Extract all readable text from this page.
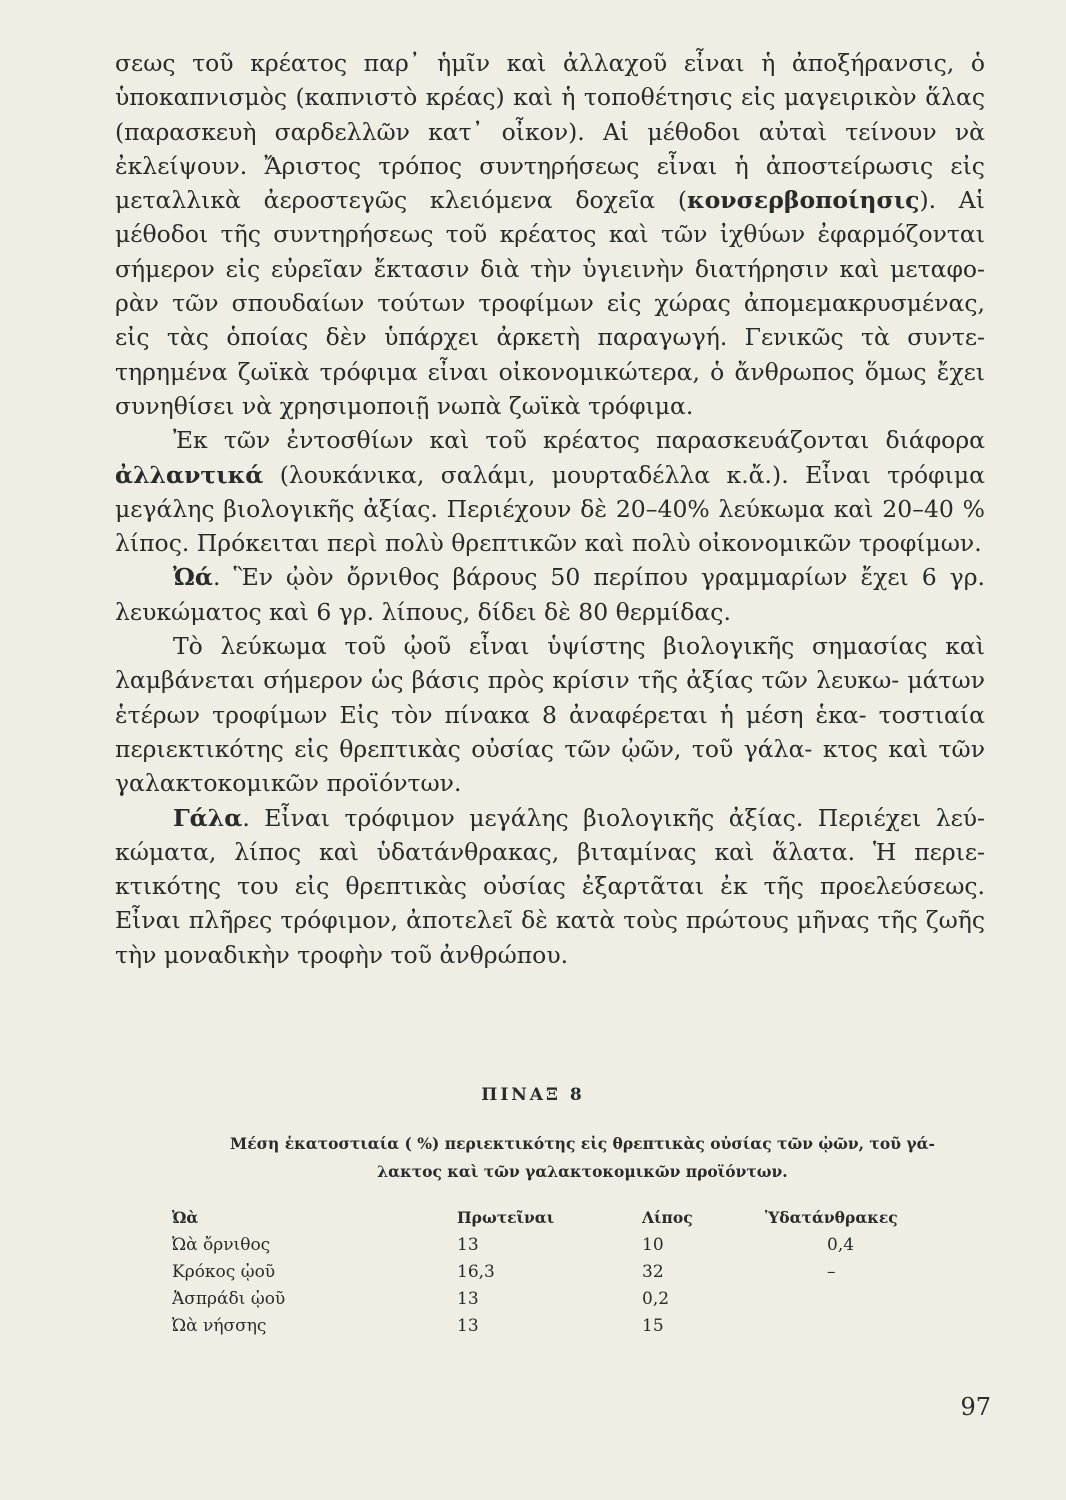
σεως τοῦ κρέατος παρ᾽ ἡμῖν καὶ ἀλλαχοῦ εἶναι ἡ ἀποξήρανσις, ὁ ὑποκαπνισμὸς (καπνιστὸ κρέας) καὶ ἡ τοποθέτησις εἰς μαγειρικὸν ἅλας (παρασκευὴ σαρδελλῶν κατ᾽ οἶκον). Αἱ μέθοδοι αὐταὶ τείνουν νὰ ἐκλείψουν. Ἄριστος τρόπος συντηρήσεως εἶναι ἡ ἀποστείρωσις εἰς μεταλλικὰ ἀεροστεγῶς κλειόμενα δοχεῖα (κονσερβοποίησις). Αἱ μέθοδοι τῆς συντηρήσεως τοῦ κρέατος καὶ τῶν ἰχθύων ἐφαρμόζονται σήμερον εἰς εὐρεῖαν ἔκτασιν διὰ τὴν ὑγιεινὴν διατήρησιν καὶ μεταφο- ρὰν τῶν σπουδαίων τούτων τροφίμων εἰς χώρας ἀπομεμακρυσμένας, εἰς τὰς ὁποίας δὲν ὑπάρχει ἀρκετὴ παραγωγή. Γενικῶς τὰ συντε- τηρημένα ζωϊκὰ τρόφιμα εἶναι οἰκονομικώτερα, ὁ ἄνθρωπος ὅμως ἔχει συνηθίσει νὰ χρησιμοποιῇ νωπὰ ζωϊκὰ τρόφιμα.

Ἐκ τῶν ἐντοσθίων καὶ τοῦ κρέατος παρασκευάζονται διάφορα ἀλλαντικά (λουκάνικα, σαλάμι, μουρταδέλλα κ.ἄ.). Εἶναι τρόφιμα μεγάλης βιολογικῆς ἀξίας. Περιέχουν δὲ 20–40% λεύκωμα καὶ 20–40 % λίπος. Πρόκειται περὶ πολὺ θρεπτικῶν καὶ πολὺ οἰκονομικῶν τροφίμων.

Ὠά. Ἓν ᾠὸν ὄρνιθος βάρους 50 περίπου γραμμαρίων ἔχει 6 γρ. λευκώματος καὶ 6 γρ. λίπους, δίδει δὲ 80 θερμίδας.

Τὸ λεύκωμα τοῦ ᾠοῦ εἶναι ὑψίστης βιολογικῆς σημασίας καὶ λαμβάνεται σήμερον ὡς βάσις πρὸς κρίσιν τῆς ἀξίας τῶν λευκω- μάτων ἑτέρων τροφίμων Εἰς τὸν πίνακα 8 ἀναφέρεται ἡ μέση ἑκα- τοστιαία περιεκτικότης εἰς θρεπτικὰς οὐσίας τῶν ᾠῶν, τοῦ γάλα- κτος καὶ τῶν γαλακτοκομικῶν προϊόντων.

Γάλα. Εἶναι τρόφιμον μεγάλης βιολογικῆς ἀξίας. Περιέχει λεύ- κώματα, λίπος καὶ ὑδατάνθρακας, βιταμίνας καὶ ἅλατα. Ἡ περιε- κτικότης του εἰς θρεπτικὰς οὐσίας ἐξαρτᾶται ἐκ τῆς προελεύσεως. Εἶναι πλῆρες τρόφιμον, ἀποτελεῖ δὲ κατὰ τοὺς πρώτους μῆνας τῆς ζωῆς τὴν μοναδικὴν τροφὴν τοῦ ἀνθρώπου.

ΠΙΝΑΞ 8
Μέση ἑκατοστιαία ( %) περιεκτικότης εἰς θρεπτικὰς οὐσίας τῶν ᾠῶν, τοῦ γά-
λακτος καὶ τῶν γαλακτοκομικῶν προϊόντων.
Ὠὰ	Πρωτεῖναι	Λίπος	Ὑδατάνθρακες
Ὠὰ ὄρνιθος	13	10	0,4
Κρόκος ᾠοῦ	16,3	32	–
Ἀσπράδι ᾠοῦ	13	0,2
Ὠὰ νήσσης	13	15
97
